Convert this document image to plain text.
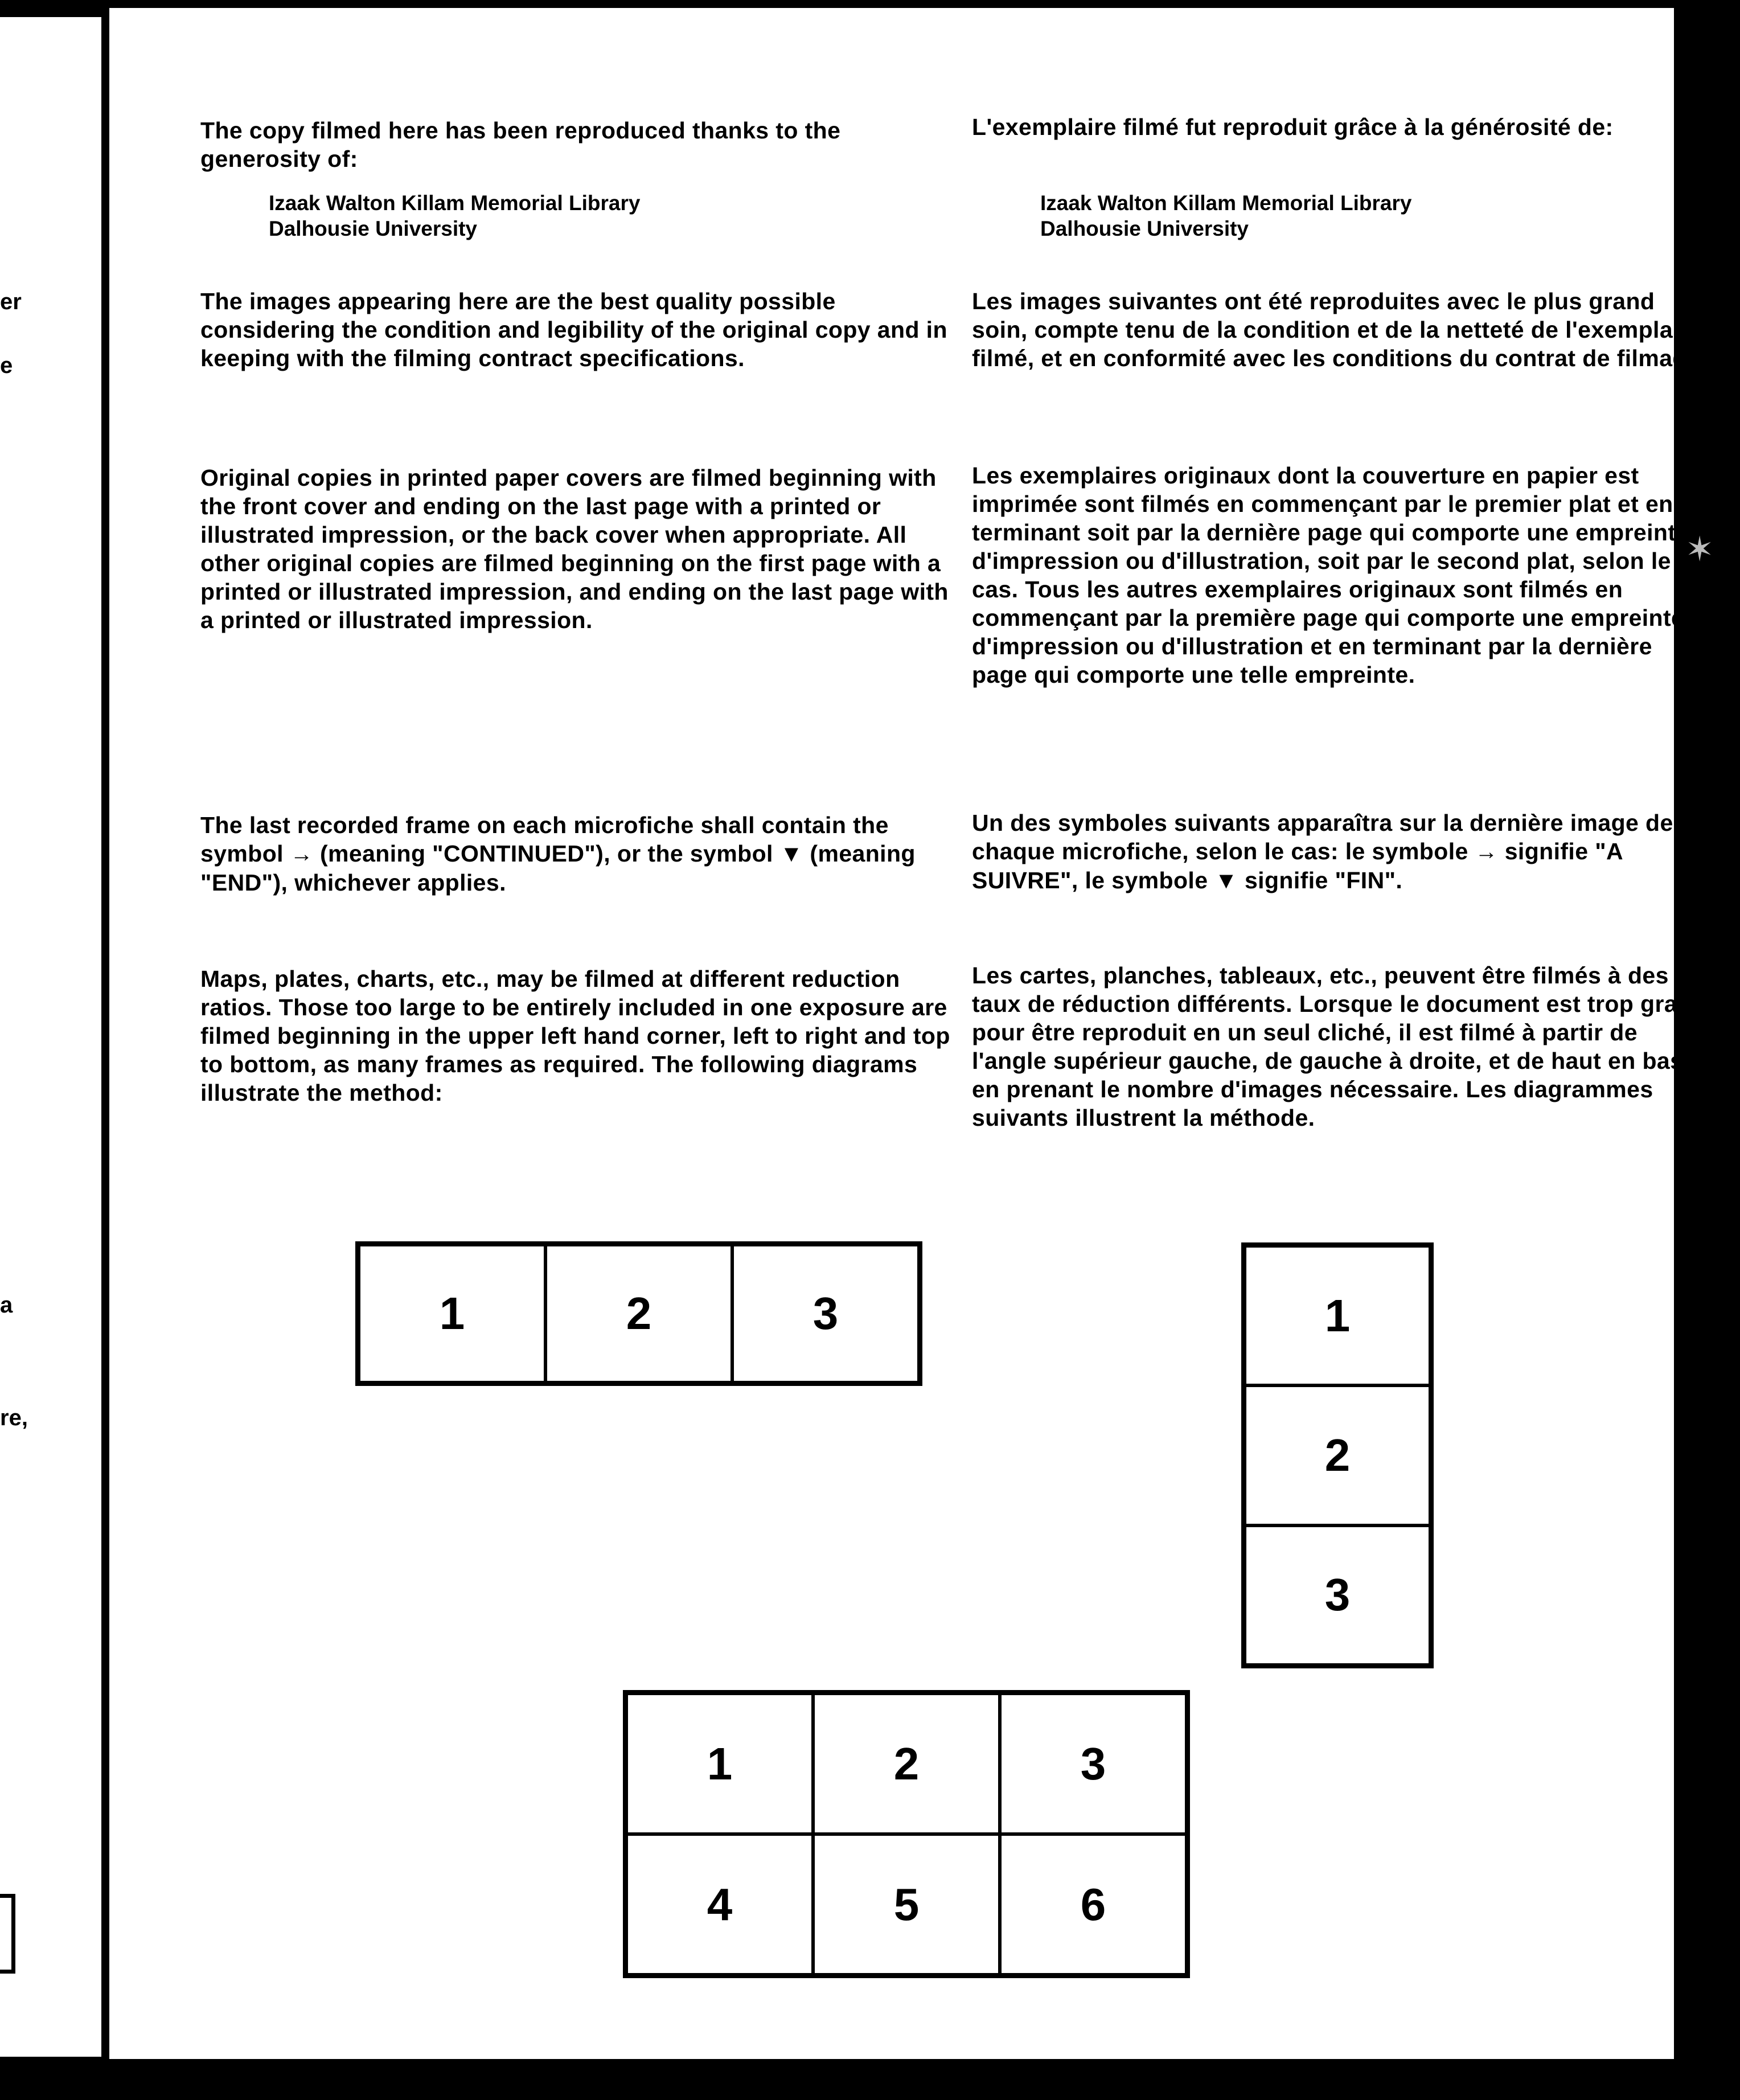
er
e
a
re,

The copy filmed here has been reproduced thanks to the generosity of:

Izaak Walton Killam Memorial Library

Dalhousie University

The images appearing here are the best quality possible considering the condition and legibility of the original copy and in keeping with the filming contract specifications.

Original copies in printed paper covers are filmed beginning with the front cover and ending on the last page with a printed or illustrated impression, or the back cover when appropriate. All other original copies are filmed beginning on the first page with a printed or illustrated impression, and ending on the last page with a printed or illustrated impression.

The last recorded frame on each microfiche shall contain the symbol → (meaning "CONTINUED"), or the symbol ▼ (meaning "END"), whichever applies.

Maps, plates, charts, etc., may be filmed at different reduction ratios. Those too large to be entirely included in one exposure are filmed beginning in the upper left hand corner, left to right and top to bottom, as many frames as required. The following diagrams illustrate the method:

L'exemplaire filmé fut reproduit grâce à la générosité de:

Izaak Walton Killam Memorial Library

Dalhousie University

Les images suivantes ont été reproduites avec le plus grand soin, compte tenu de la condition et de la netteté de l'exemplaire filmé, et en conformité avec les conditions du contrat de filmage.

Les exemplaires originaux dont la couverture en papier est imprimée sont filmés en commençant par le premier plat et en terminant soit par la dernière page qui comporte une empreinte d'impression ou d'illustration, soit par le second plat, selon le cas. Tous les autres exemplaires originaux sont filmés en commençant par la première page qui comporte une empreinte d'impression ou d'illustration et en terminant par la dernière page qui comporte une telle empreinte.

Un des symboles suivants apparaîtra sur la dernière image de chaque microfiche, selon le cas: le symbole → signifie "A SUIVRE", le symbole ▼ signifie "FIN".

Les cartes, planches, tableaux, etc., peuvent être filmés à des taux de réduction différents. Lorsque le document est trop grand pour être reproduit en un seul cliché, il est filmé à partir de l'angle supérieur gauche, de gauche à droite, et de haut en bas, en prenant le nombre d'images nécessaire. Les diagrammes suivants illustrent la méthode.

1	2	3	1
2
3
1	2	3
4	5	6
✶
